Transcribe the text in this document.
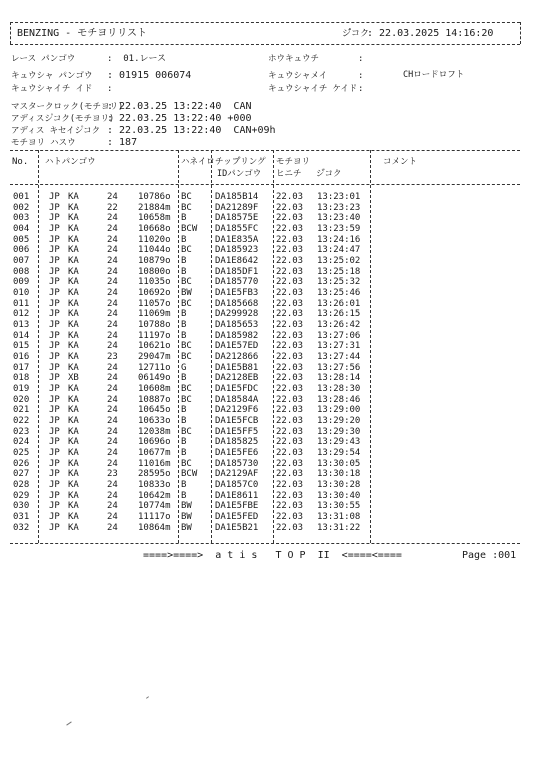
BENZING - モチヨリリスト	ジ゚コク
: 22.03.2025 14:16:20
レース パンコ゚ウ	:  01.レース	ホウキュウチ	:
キュウシャ パンコ゚ウ : 01915 006074	キュウシャメイ	:	CHロート゚ロフト
キュウシャイチ イト゚ :	キュウシャイチ ケイト゚ :
マスタークロック(モチヨリ)
: 22.03.25 13:22:40  CAN
アディスシ゚コク(モチヨリ)
: 22.03.25 13:22:40 +000
アディス キセイシ゚コク : 22.03.25 13:22:40  CAN+09h
モチヨリ ハスウ	: 187
No. ハトパンコ゚ウ	ハネイロ チップ゚リンク゚
IDパンコ゚ウ
モチヨリ
ヒニチ ジ゚コク
コメント
001 JP KA	24 10786o BC	DA185B14 22.03 13:23:01
002 JP KA	22 21884m BC	DA21289F 22.03 13:23:23
003 JP KA	24 10658m B	DA18575E 22.03 13:23:40
004 JP KA	24 10668o BCW DA1855FC 22.03 13:23:59
005 JP KA	24 11020o B	DA1E835A 22.03 13:24:16
006 JP KA	24 11044o BC	DA185923 22.03 13:24:47
007 JP KA	24 10879o B	DA1E8642 22.03 13:25:02
008 JP KA	24 10800o B	DA185DF1 22.03 13:25:18
009 JP KA	24 11035o BC	DA185770 22.03 13:25:32
010 JP KA	24 10692o BW	DA1E5FB3 22.03 13:25:46
011 JP KA	24 11057o BC	DA185668 22.03 13:26:01
012 JP KA	24 11069m B	DA299928 22.03 13:26:15
013 JP KA	24 10788o B	DA185653 22.03 13:26:42
014 JP KA	24 11197o B	DA185982 22.03 13:27:06
015 JP KA	24 10621o BC	DA1E57ED 22.03 13:27:31
016 JP KA	23 29047m BC	DA212866 22.03 13:27:44
017 JP KA	24 12711o G	DA1E5B81 22.03 13:27:56
018 JP XB	24 06149o B	DA2128EB 22.03 13:28:14
019 JP KA	24 10608m BC	DA1E5FDC 22.03 13:28:30
020 JP KA	24 10887o BC	DA18584A 22.03 13:28:46
021 JP KA	24 10645o B	DA2129F6 22.03 13:29:00
022 JP KA	24 10633o B	DA1E5FCB 22.03 13:29:20
023 JP KA	24 12038m BC	DA1E5FF5 22.03 13:29:30
024 JP KA	24 10696o B	DA185825 22.03 13:29:43
025 JP KA	24 10677m B	DA1E5FE6 22.03 13:29:54
026 JP KA	24 11016m BC	DA185730 22.03 13:30:05
027 JP KA	23 28595o BCW DA2129AF 22.03 13:30:18
028 JP KA	24 10833o B	DA1857C0 22.03 13:30:28
029 JP KA	24 10642m B	DA1E8611 22.03 13:30:40
030 JP KA	24 10774m BW	DA1E5FBE 22.03 13:30:55
031 JP KA	24 11117o BW	DA1E5FED 22.03 13:31:08
032 JP KA	24 10864m BW	DA1E5B21 22.03 13:31:22
====>====>  a t i s   T O P  II  <====<====	Page :001
